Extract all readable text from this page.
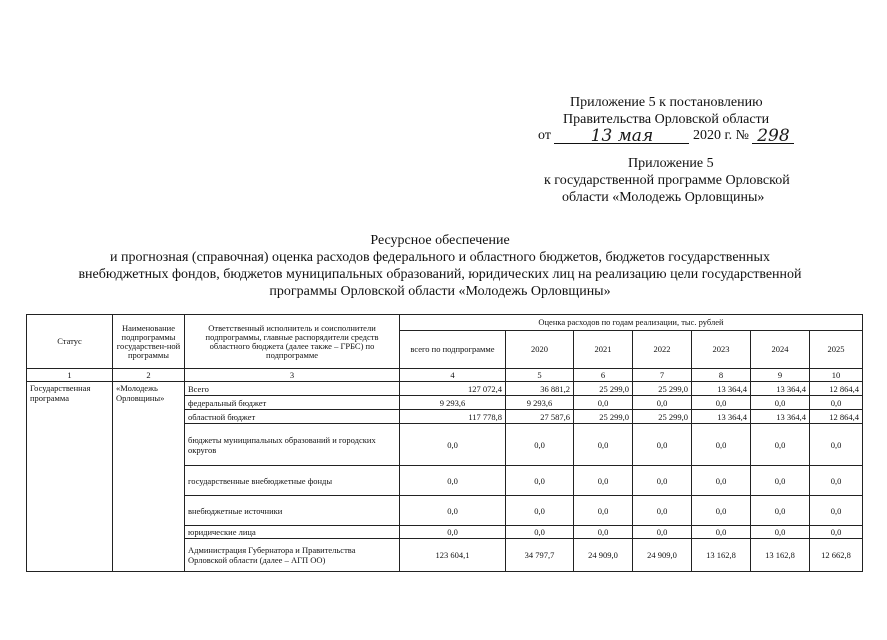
Приложение 5 к постановлению
Правительства Орловской области
от 13 мая	2020 г. № 298
Приложение 5
к государственной программе Орловской
области «Молодежь Орловщины»
Ресурсное обеспечение
и прогнозная (справочная) оценка расходов федерального и областного бюджетов, бюджетов государственных
внебюджетных фондов, бюджетов муниципальных образований, юридических лиц на реализацию цели государственной
программы Орловской области «Молодежь Орловщины»
Статус	Наименование подпрограммы государствен-ной программы	Ответственный исполнитель и соисполнители подпрограммы, главные распорядители средств областного бюджета (далее также – ГРБС) по подпрограмме	Оценка расходов по годам реализации, тыс. рублей						
			всего по подпрограмме	2020	2021	2022	2023	2024	2025
1	2	3	4	5	6	7	8	9	10
Государственная программа	«Молодежь Орловщины»	Всего	127 072,4	36 881,2	25 299,0	25 299,0	13 364,4	13 364,4	12 864,4
		федеральный бюджет	9 293,6	9 293,6	0,0	0,0	0,0	0,0	0,0
		областной бюджет	117 778,8	27 587,6	25 299,0	25 299,0	13 364,4	13 364,4	12 864,4
		бюджеты муниципальных образований и городских округов	0,0	0,0	0,0	0,0	0,0	0,0	0,0
		государственные внебюджетные фонды	0,0	0,0	0,0	0,0	0,0	0,0	0,0
		внебюджетные источники	0,0	0,0	0,0	0,0	0,0	0,0	0,0
		юридические лица	0,0	0,0	0,0	0,0	0,0	0,0	0,0
		Администрация Губернатора и Правительства Орловской области (далее – АГП ОО)	123 604,1	34 797,7	24 909,0	24 909,0	13 162,8	13 162,8	12 662,8
